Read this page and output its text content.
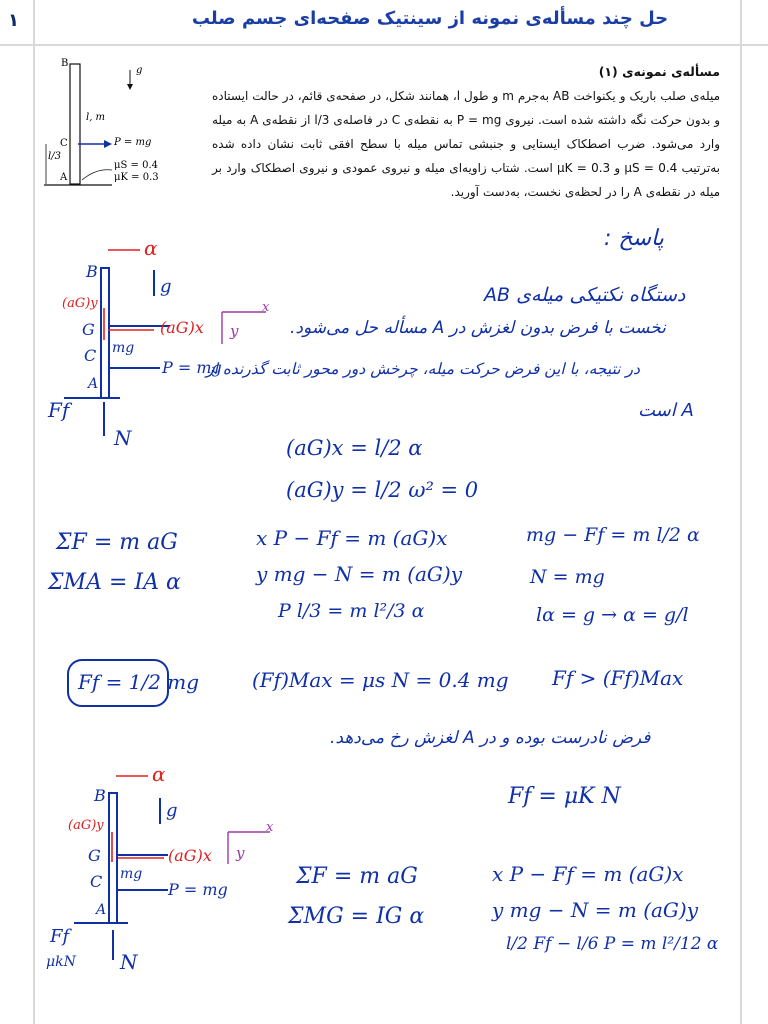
۱	حل چند مسأله‌ی نمونه از سینتیک صفحه‌ای جسم صلب
مسأله‌ی نمونه‌ی (۱)
میله‌ی صلب باریک و یکنواخت AB به‌جرم m و طول l، همانند شکل، در صفحه‌ی قائم، در حالت ایستاده و بدون حرکت نگه داشته شده است. نیروی P = mg به نقطه‌ی C در فاصله‌ی l/3 از نقطه‌ی A به میله وارد می‌شود. ضرب اصطکاک ایستایی و جنبشی تماس میله با سطح افقی ثابت نشان داده شده به‌ترتیب μS = 0.4 و μK = 0.3 است. شتاب زاویه‌ای میله و نیروی عمودی و نیروی اصطکاک وارد بر میله در نقطه‌ی A را در لحظه‌ی نخست، به‌دست آورید.
B
C
A
g
l, m
P = mg
l/3
μS = 0.4
μK = 0.3
α
B
g
(aG)y	x
y
G	(aG)x
C mg
P = mg
A
Ff
N
پاسخ :
دستگاه نکتیکی میله‌ی AB
نخست با فرض بدون لغزش در A مسأله حل می‌شود.
در نتیجه، با این فرض حرکت میله، چرخش دور محور ثابت گذرنده از
A است
(aG)x = l/2 α
(aG)y = l/2 ω² = 0
ΣF = m aG
ΣMA = IA α
x P − Ff = m (aG)x
y mg − N = m (aG)y
P l/3 = m l²/3 α
mg − Ff = m l/2 α
N = mg
lα = g → α = g/l
Ff = 1/2 mg	(Ff)Max = μs N = 0.4 mg Ff > (Ff)Max
فرض نادرست بوده و در A لغزش رخ می‌دهد.
Ff = μK N
α
B
g
(aG)y	x
y
G	(aG)x
C mg
P = mg
A
Ff
μkN N
ΣF = m aG
ΣMG = IG α
x P − Ff = m (aG)x
y mg − N = m (aG)y
l/2 Ff − l/6 P = m l²/12 α
